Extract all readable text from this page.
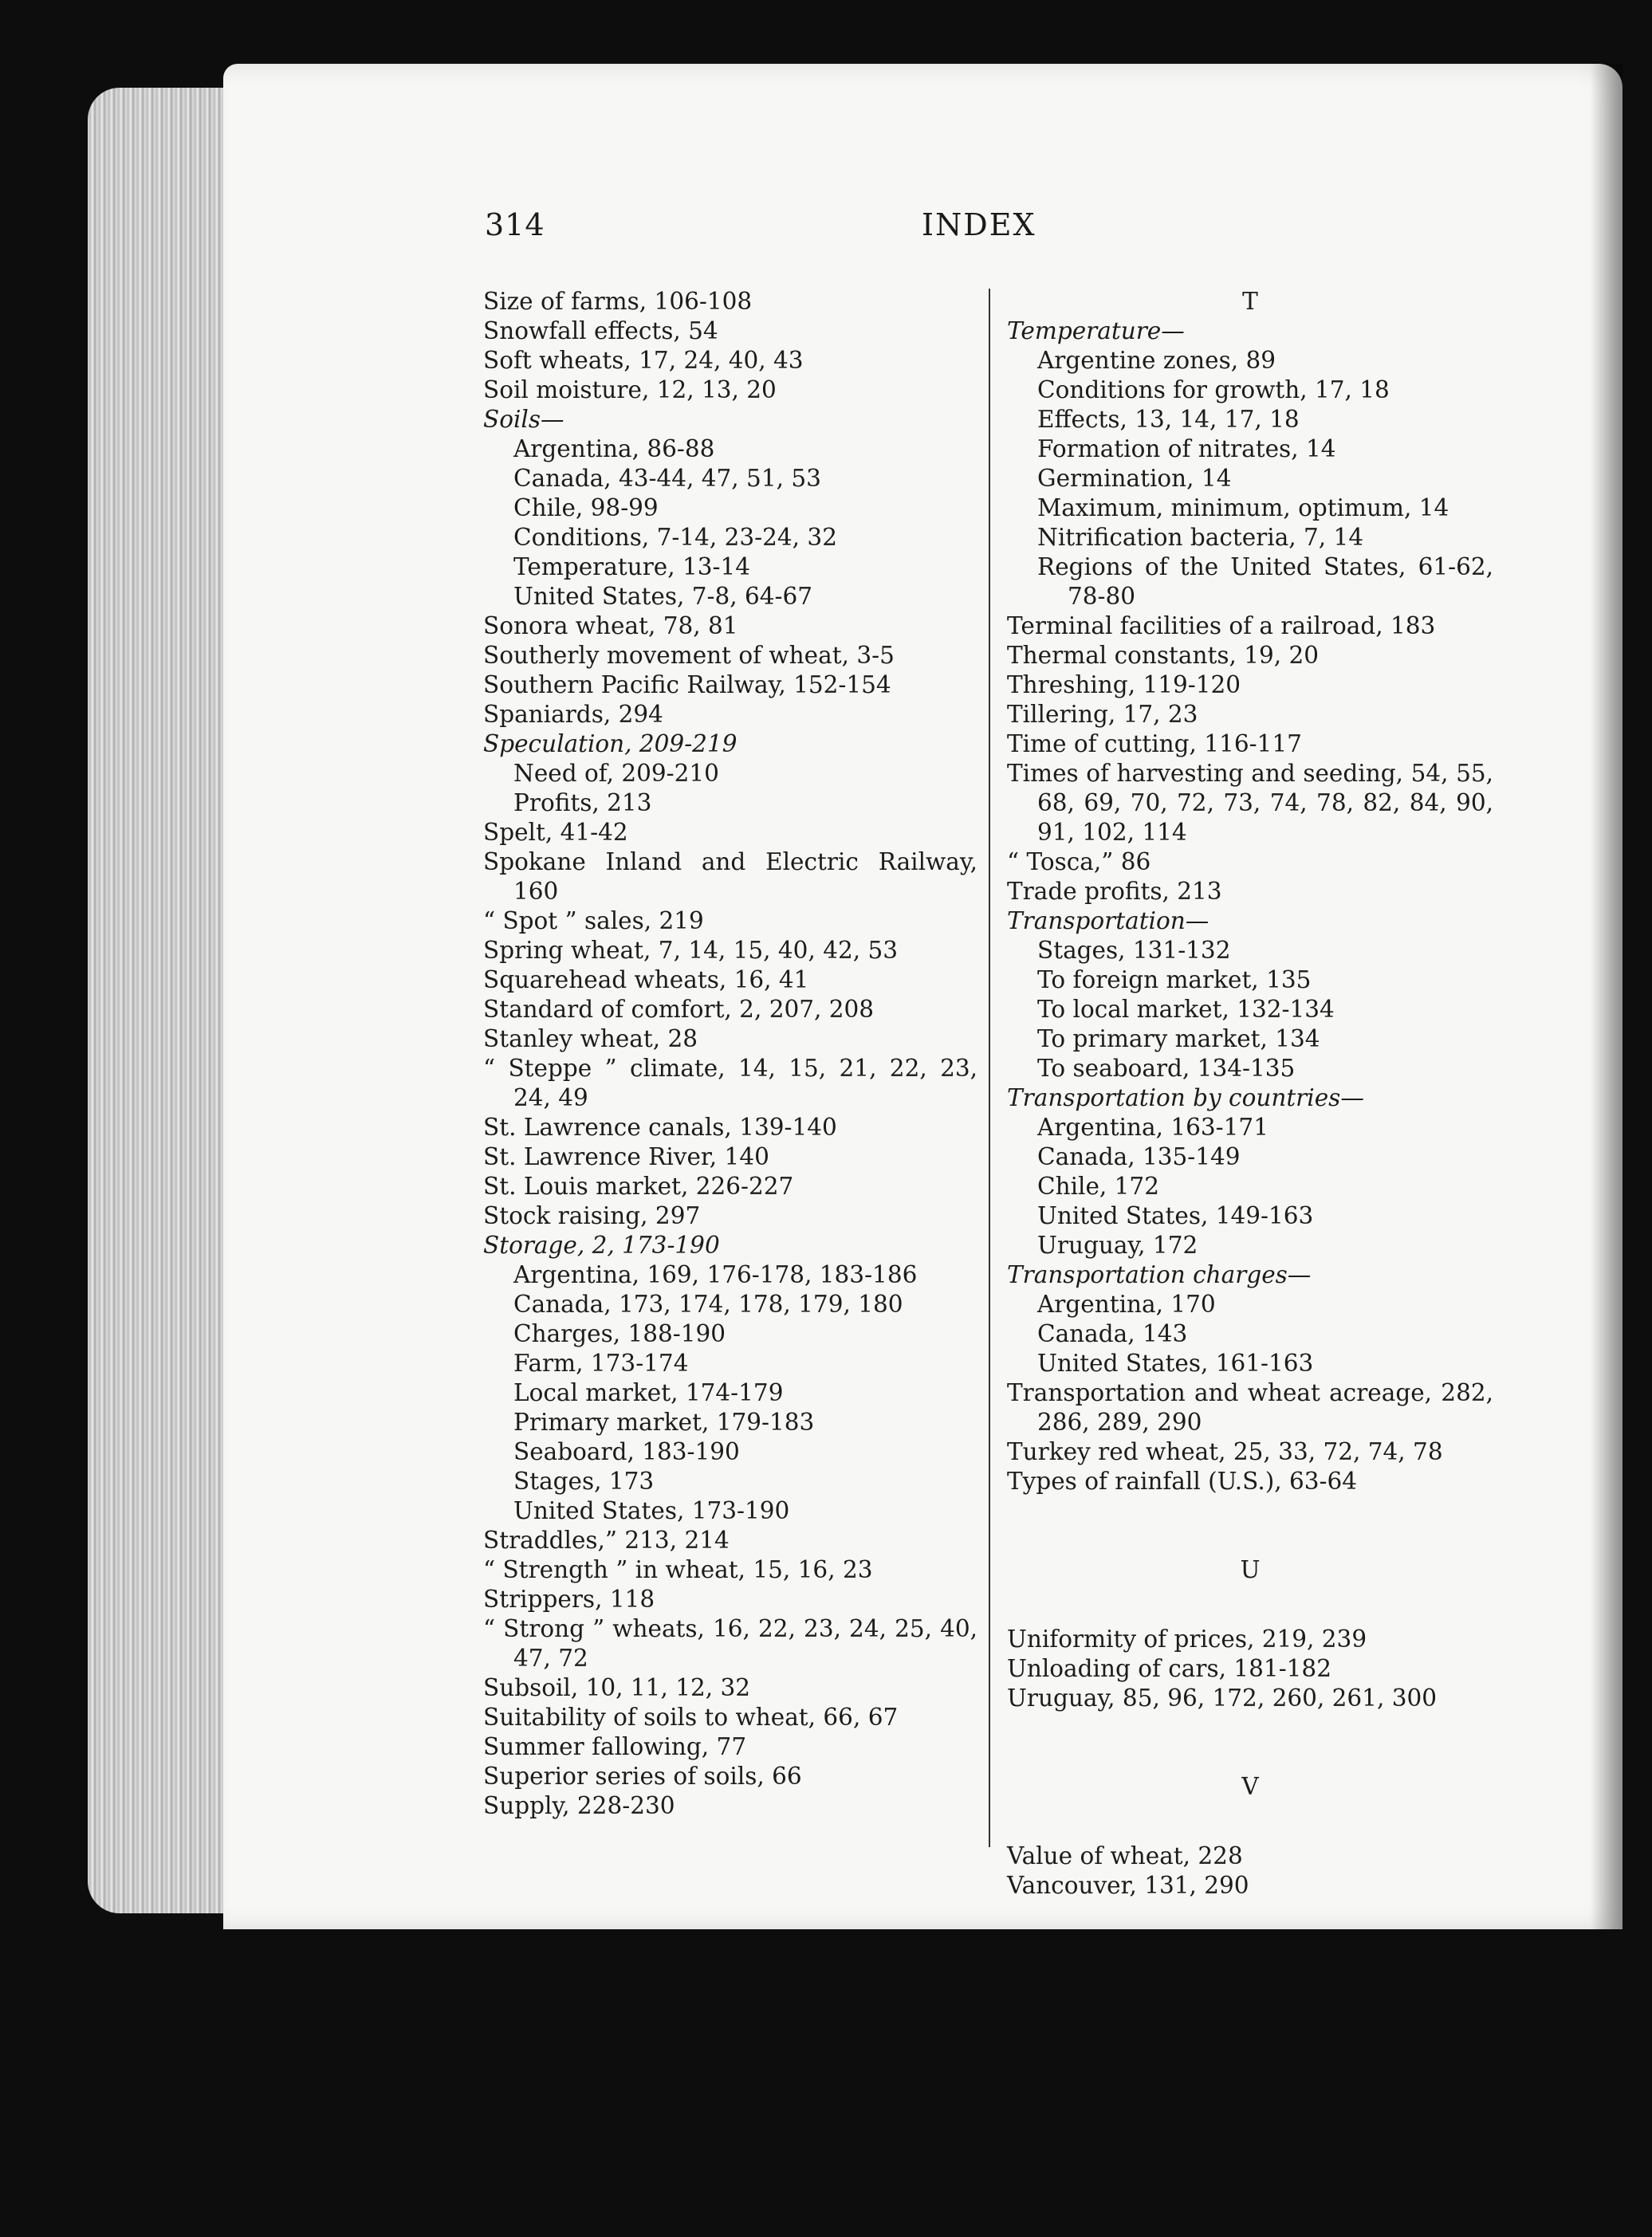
314	INDEX
Size of farms, 106-108
Snowfall effects, 54
Soft wheats, 17, 24, 40, 43
Soil moisture, 12, 13, 20
Soils—
Argentina, 86-88
Canada, 43-44, 47, 51, 53
Chile, 98-99
Conditions, 7-14, 23-24, 32
Temperature, 13-14
United States, 7-8, 64-67
Sonora wheat, 78, 81
Southerly movement of wheat, 3-5
Southern Pacific Railway, 152-154
Spaniards, 294
Speculation, 209-219
Need of, 209-210
Profits, 213
Spelt, 41-42
Spokane Inland and Electric Railway, 160
“ Spot ” sales, 219
Spring wheat, 7, 14, 15, 40, 42, 53
Squarehead wheats, 16, 41
Standard of comfort, 2, 207, 208
Stanley wheat, 28
“ Steppe ” climate, 14, 15, 21, 22, 23, 24, 49
St. Lawrence canals, 139-140
St. Lawrence River, 140
St. Louis market, 226-227
Stock raising, 297
Storage, 2, 173-190
Argentina, 169, 176-178, 183-186
Canada, 173, 174, 178, 179, 180
Charges, 188-190
Farm, 173-174
Local market, 174-179
Primary market, 179-183
Seaboard, 183-190
Stages, 173
United States, 173-190
Straddles,” 213, 214
“ Strength ” in wheat, 15, 16, 23
Strippers, 118
“ Strong ” wheats, 16, 22, 23, 24, 25, 40, 47, 72
Subsoil, 10, 11, 12, 32
Suitability of soils to wheat, 66, 67
Summer fallowing, 77
Superior series of soils, 66
Supply, 228-230
T
Temperature—
Argentine zones, 89
Conditions for growth, 17, 18
Effects, 13, 14, 17, 18
Formation of nitrates, 14
Germination, 14
Maximum, minimum, optimum, 14
Nitrification bacteria, 7, 14
Regions of the United States, 61-62, 78-80
Terminal facilities of a railroad, 183
Thermal constants, 19, 20
Threshing, 119-120
Tillering, 17, 23
Time of cutting, 116-117
Times of harvesting and seeding, 54, 55, 68, 69, 70, 72, 73, 74, 78, 82, 84, 90, 91, 102, 114
“ Tosca,” 86
Trade profits, 213
Transportation—
Stages, 131-132
To foreign market, 135
To local market, 132-134
To primary market, 134
To seaboard, 134-135
Transportation by countries—
Argentina, 163-171
Canada, 135-149
Chile, 172
United States, 149-163
Uruguay, 172
Transportation charges—
Argentina, 170
Canada, 143
United States, 161-163
Transportation and wheat acreage, 282, 286, 289, 290
Turkey red wheat, 25, 33, 72, 74, 78
Types of rainfall (U.S.), 63-64
U
Uniformity of prices, 219, 239
Unloading of cars, 181-182
Uruguay, 85, 96, 172, 260, 261, 300
V
Value of wheat, 228
Vancouver, 131, 290
